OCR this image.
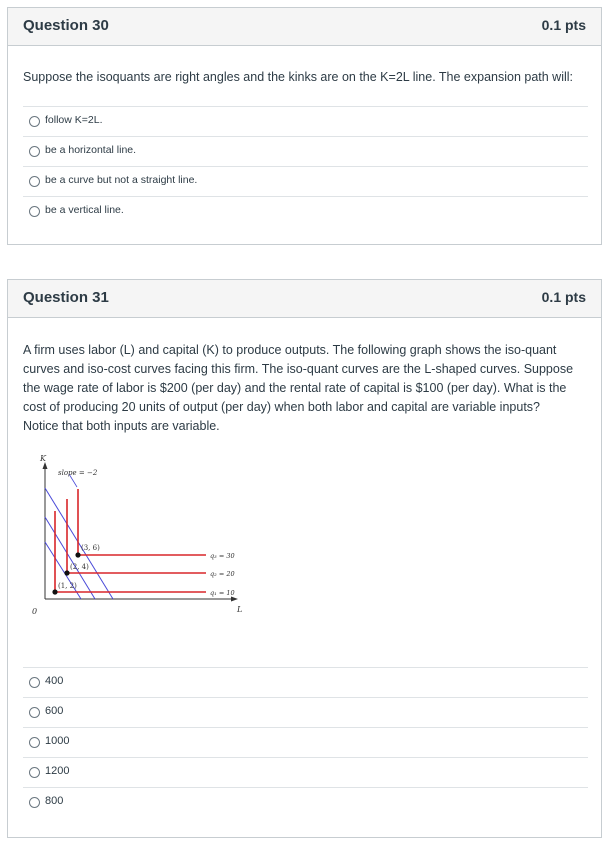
Question 30	0.1 pts
Suppose the isoquants are right angles and the kinks are on the K=2L line. The expansion path will:
follow K=2L.
be a horizontal line.
be a curve but not a straight line.
be a vertical line.
Question 31	0.1 pts
A firm uses labor (L) and capital (K) to produce outputs. The following graph shows the iso-quant
curves and iso-cost curves facing this firm. The iso-quant curves are the L-shaped curves. Suppose
the wage rate of labor is $200 (per day) and the rental rate of capital is $100 (per day). What is the
cost of producing 20 units of output (per day) when both labor and capital are variable inputs?
Notice that both inputs are variable.
K
L
0
slope = −2
(3, 6)
(2, 4)
(1, 2)
q₃ = 30
q₂ = 20
q₁ = 10
400
600
1000
1200
800
